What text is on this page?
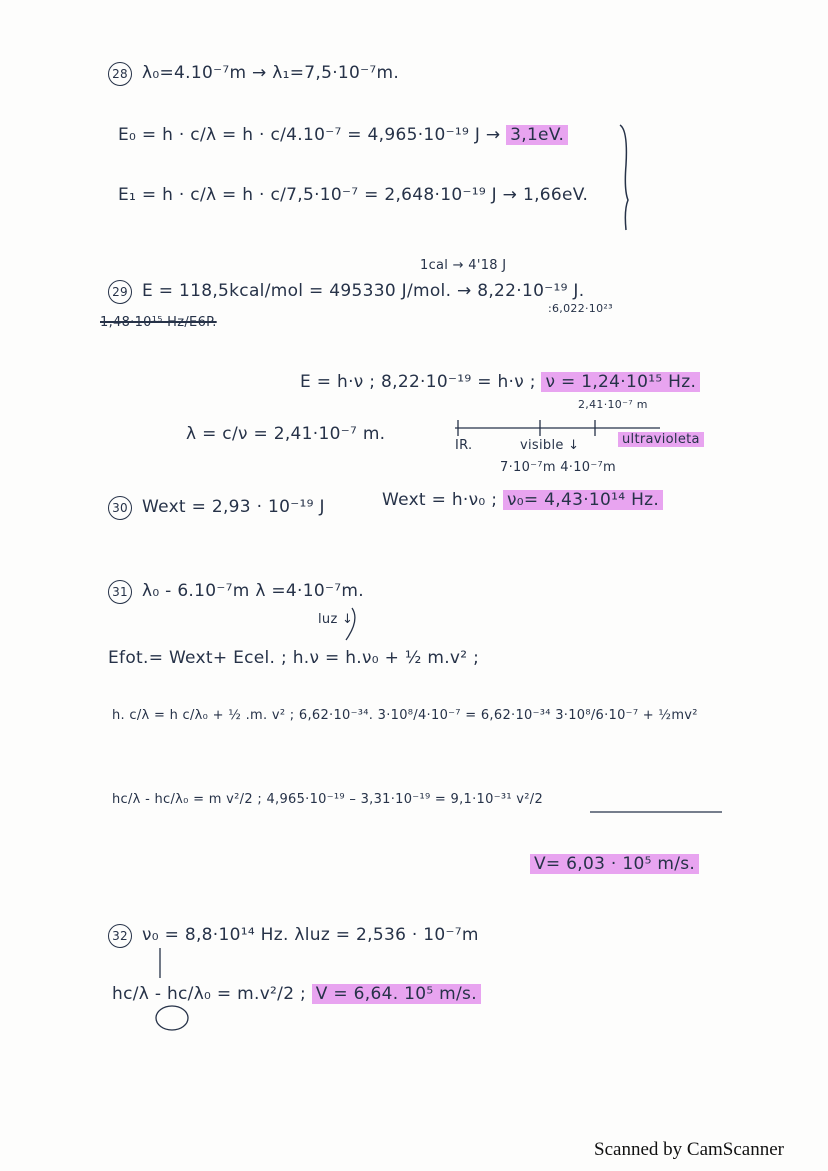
28 λ₀=4.10⁻⁷m → λ₁=7,5·10⁻⁷m.
E₀ = h · c/λ = h · c/4.10⁻⁷ = 4,965·10⁻¹⁹ J → 3,1eV.
E₁ = h · c/λ = h · c/7,5·10⁻⁷ = 2,648·10⁻¹⁹ J → 1,66eV.
1cal → 4'18 J
29 E = 118,5kcal/mol = 495330 J/mol. → 8,22·10⁻¹⁹ J.
:6,022·10²³
1,48·10¹⁵ Hz/E6P.
E = h·ν ; 8,22·10⁻¹⁹ = h·ν ; ν = 1,24·10¹⁵ Hz.
2,41·10⁻⁷ m
λ = c/ν = 2,41·10⁻⁷ m.
IR.	visible ↓	ultravioleta
7·10⁻⁷m 4·10⁻⁷m
30 Wext = 2,93 · 10⁻¹⁹ J	Wext = h·ν₀ ; ν₀= 4,43·10¹⁴ Hz.
31 λ₀ - 6.10⁻⁷m λ =4·10⁻⁷m.
luz ↓
Efot.= Wext+ Ecel. ; h.ν = h.ν₀ + ½ m.v² ;
h. c/λ = h c/λ₀ + ½ .m. v² ; 6,62·10⁻³⁴. 3·10⁸/4·10⁻⁷ = 6,62·10⁻³⁴ 3·10⁸/6·10⁻⁷ + ½mv²
hc/λ - hc/λ₀ = m v²/2 ; 4,965·10⁻¹⁹ – 3,31·10⁻¹⁹ = 9,1·10⁻³¹ v²/2
V= 6,03 · 10⁵ m/s.
32 ν₀ = 8,8·10¹⁴ Hz. λluz = 2,536 · 10⁻⁷m
hc/λ - hc/λ₀ = m.v²/2 ; V = 6,64. 10⁵ m/s.
Scanned by CamScanner
